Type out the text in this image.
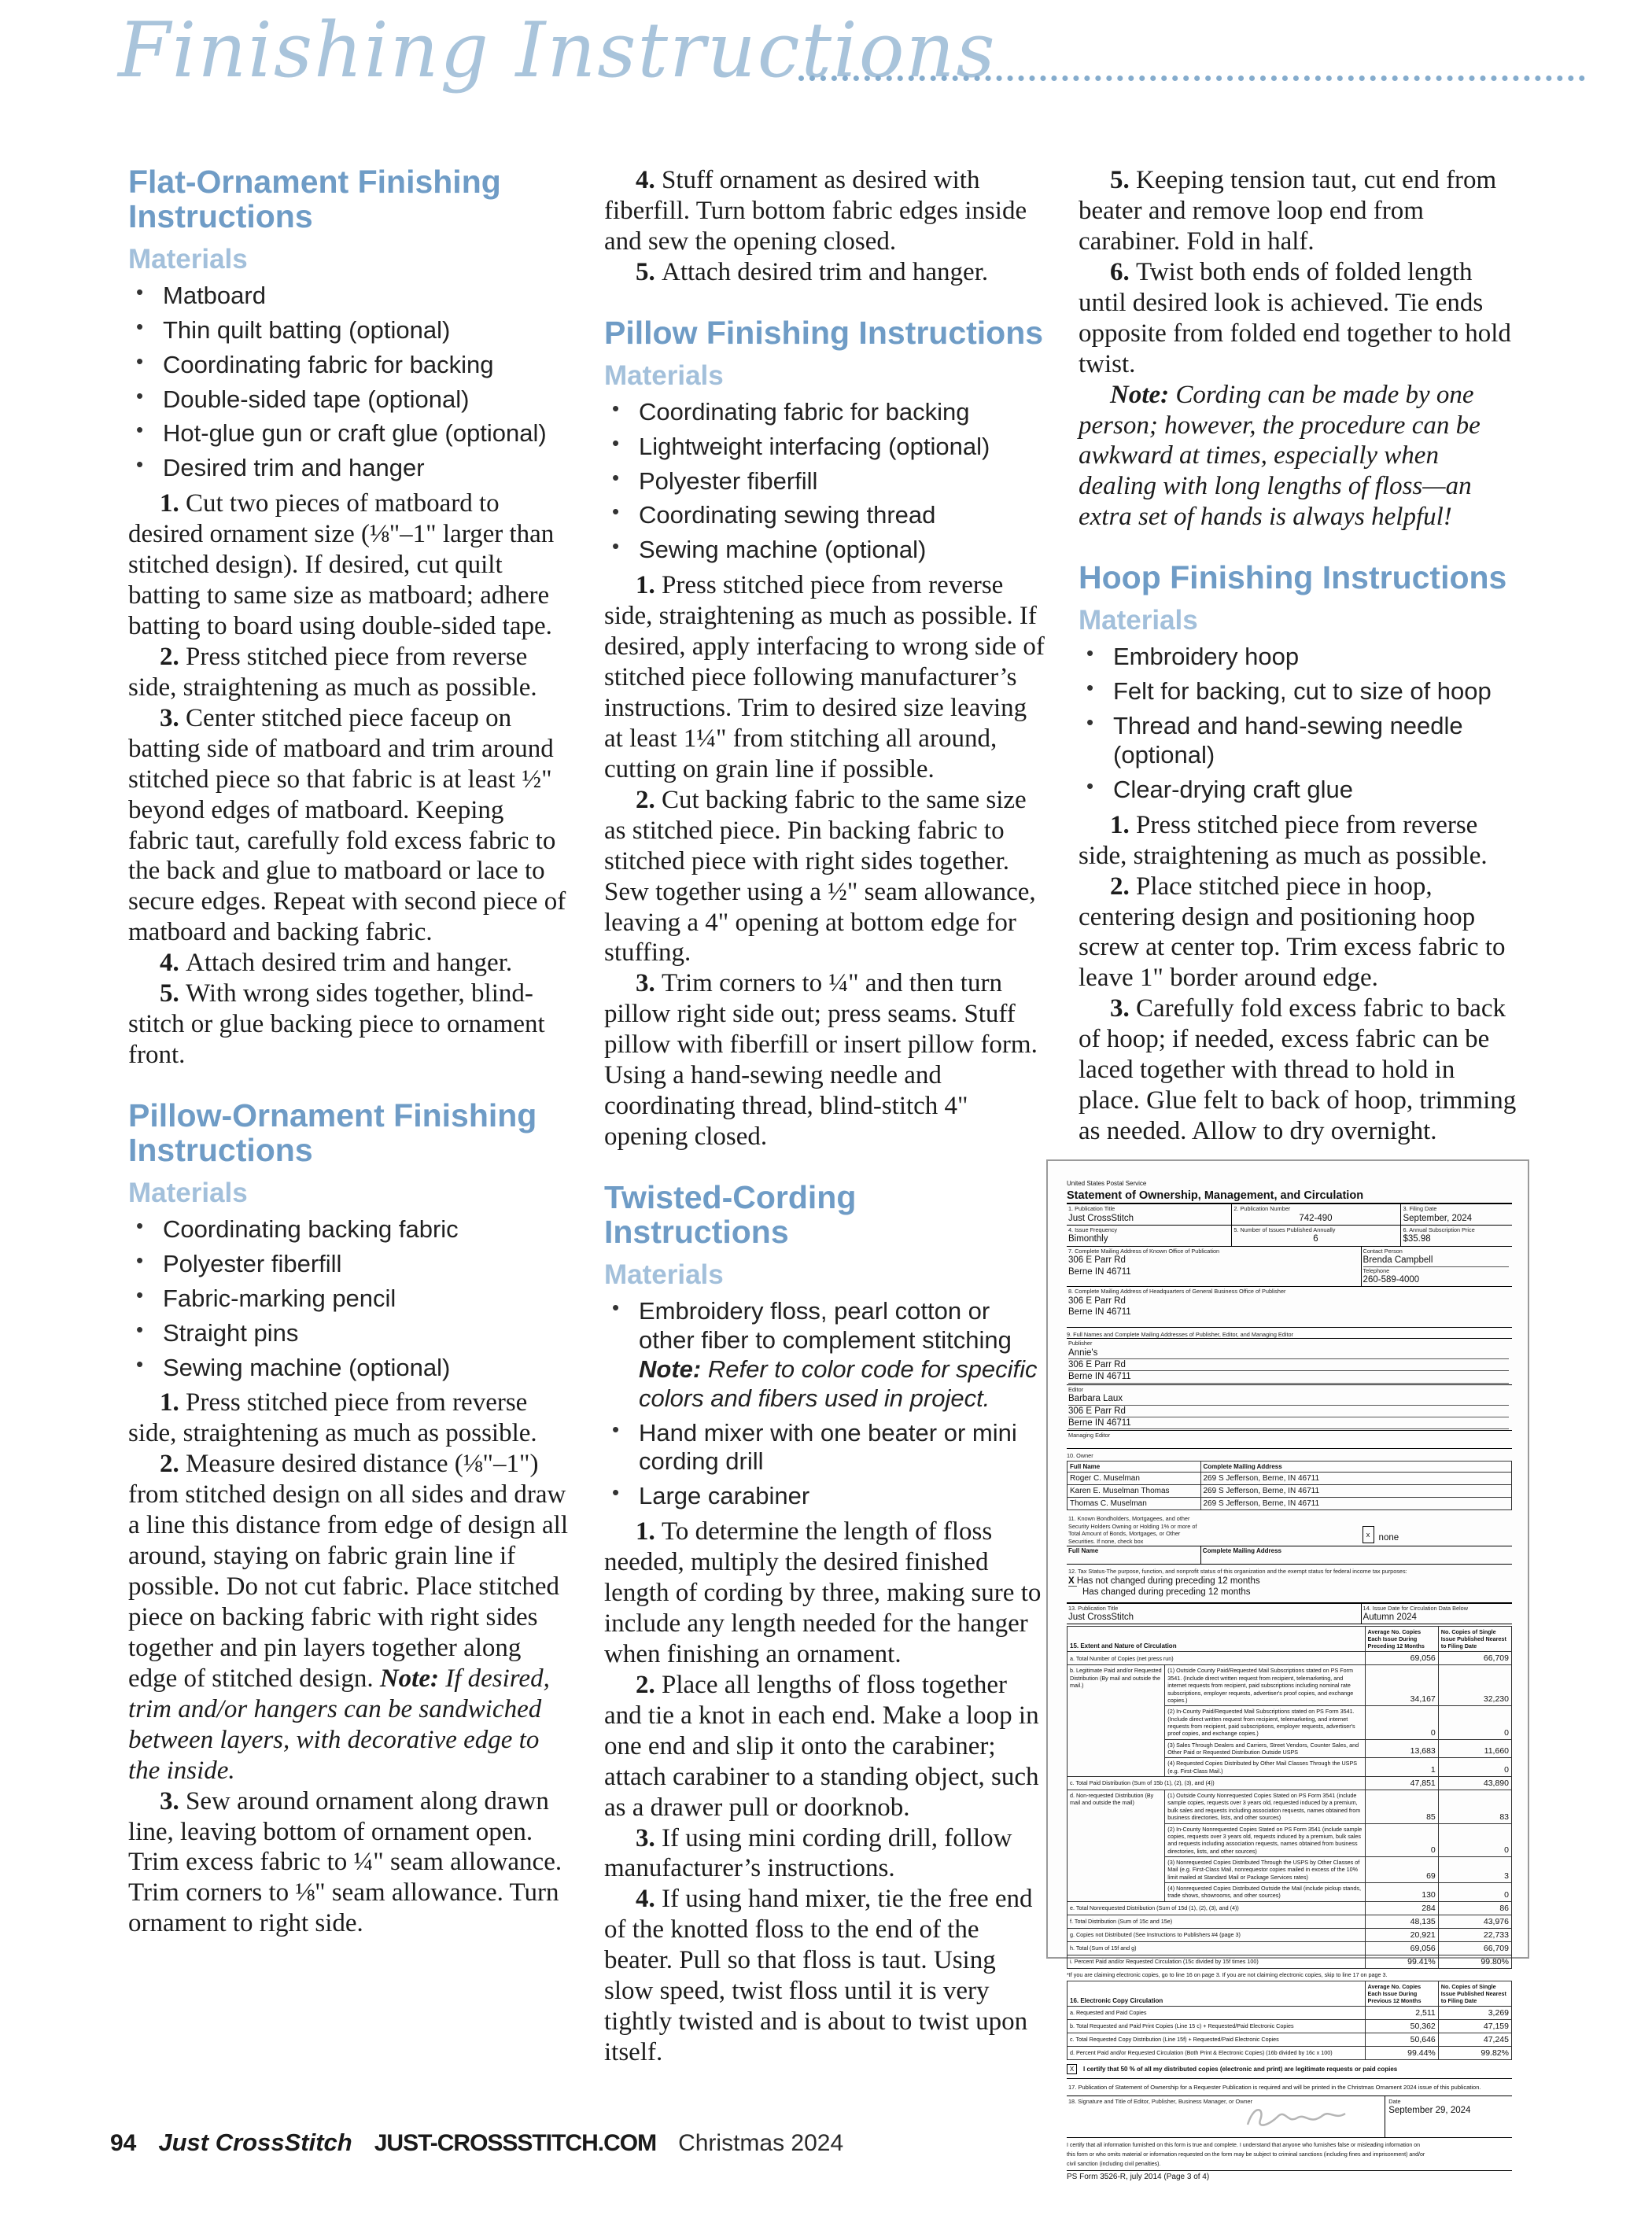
Finishing Instructions
Flat-Ornament Finishing Instructions
Materials
• Matboard
• Thin quilt batting (optional)
• Coordinating fabric for backing
• Double-sided tape (optional)
• Hot-glue gun or craft glue (optional)
• Desired trim and hanger

1. Cut two pieces of matboard to desired ornament size (⅛"–1" larger than stitched design). If desired, cut quilt batting to same size as matboard; adhere batting to board using double-sided tape.

2. Press stitched piece from reverse side, straightening as much as possible.

3. Center stitched piece faceup on batting side of matboard and trim around stitched piece so that fabric is at least ½" beyond edges of matboard. Keeping fabric taut, carefully fold excess fabric to the back and glue to matboard or lace to secure edges. Repeat with second piece of matboard and backing fabric.

4. Attach desired trim and hanger.

5. With wrong sides together, blind-stitch or glue backing piece to ornament front.

Pillow-Ornament Finishing Instructions
Materials
• Coordinating backing fabric
• Polyester fiberfill
• Fabric-marking pencil
• Straight pins
• Sewing machine (optional)

1. Press stitched piece from reverse side, straightening as much as possible.

2. Measure desired distance (⅛"–1") from stitched design on all sides and draw a line this distance from edge of design all around, staying on fabric grain line if possible. Do not cut fabric. Place stitched piece on backing fabric with right sides together and pin layers together along edge of stitched design. Note: If desired, trim and/or hangers can be sandwiched between layers, with decorative edge to the inside.

3. Sew around ornament along drawn line, leaving bottom of ornament open. Trim excess fabric to ¼" seam allowance. Trim corners to ⅛" seam allowance. Turn ornament to right side.

4. Stuff ornament as desired with fiberfill. Turn bottom fabric edges inside and sew the opening closed.

5. Attach desired trim and hanger.

Pillow Finishing Instructions
Materials
• Coordinating fabric for backing
• Lightweight interfacing (optional)
• Polyester fiberfill
• Coordinating sewing thread
• Sewing machine (optional)

1. Press stitched piece from reverse side, straightening as much as possible. If desired, apply interfacing to wrong side of stitched piece following manufacturer’s instructions. Trim to desired size leaving at least 1¼" from stitching all around, cutting on grain line if possible.

2. Cut backing fabric to the same size as stitched piece. Pin backing fabric to stitched piece with right sides together. Sew together using a ½" seam allowance, leaving a 4" opening at bottom edge for stuffing.

3. Trim corners to ¼" and then turn pillow right side out; press seams. Stuff pillow with fiberfill or insert pillow form. Using a hand-sewing needle and coordinating thread, blind-stitch 4" opening closed.

Twisted-Cording Instructions
Materials
• Embroidery floss, pearl cotton or other fiber to complement stitching
Note: Refer to color code for specific colors and fibers used in project.
• Hand mixer with one beater or mini cording drill
• Large carabiner

1. To determine the length of floss needed, multiply the desired finished length of cording by three, making sure to include any length needed for the hanger when finishing an ornament.

2. Place all lengths of floss together and tie a knot in each end. Make a loop in one end and slip it onto the carabiner; attach carabiner to a standing object, such as a drawer pull or doorknob.

3. If using mini cording drill, follow manufacturer’s instructions.

4. If using hand mixer, tie the free end of the knotted floss to the end of the beater. Pull so that floss is taut. Using slow speed, twist floss until it is very tightly twisted and is about to twist upon itself.

5. Keeping tension taut, cut end from beater and remove loop end from carabiner. Fold in half.

6. Twist both ends of folded length until desired look is achieved. Tie ends opposite from folded end together to hold twist.

Note: Cording can be made by one person; however, the procedure can be awkward at times, especially when dealing with long lengths of floss—an extra set of hands is always helpful!

Hoop Finishing Instructions
Materials
• Embroidery hoop
• Felt for backing, cut to size of hoop
• Thread and hand-sewing needle (optional)
• Clear-drying craft glue

1. Press stitched piece from reverse side, straightening as much as possible.

2. Place stitched piece in hoop, centering design and positioning hoop screw at center top. Trim excess fabric to leave 1" border around edge.

3. Carefully fold excess fabric to back of hoop; if needed, excess fabric can be laced together with thread to hold in place. Glue felt to back of hoop, trimming as needed. Allow to dry overnight.

United States Postal Service
Statement of Ownership, Management, and Circulation
1. Publication Title
Just CrossStitch
2. Publication Number
742-490
3. Filing Date
September, 2024
4. Issue Frequency
Bimonthly
5. Number of Issues Published Annually
6
6. Annual Subscription Price
$35.98
7. Complete Mailing Address of Known Office of Publication
306 E Parr Rd
Berne IN 46711
Contact Person
Brenda Campbell
Telephone
260-589-4000
8. Complete Mailing Address of Headquarters of General Business Office of Publisher
306 E Parr Rd
Berne IN 46711
9. Full Names and Complete Mailing Addresses of Publisher, Editor, and Managing Editor
Publisher
Annie's
306 E Parr Rd
Berne IN 46711
Editor
Barbara Laux
306 E Parr Rd
Berne IN 46711
Managing Editor
10. Owner
Full Name	Complete Mailing Address
Roger C. Muselman	269 S Jefferson, Berne, IN 46711
Karen E. Muselman Thomas	269 S Jefferson, Berne, IN 46711
Thomas C. Muselman	269 S Jefferson, Berne, IN 46711
11. Known Bondholders, Mortgagees, and other
Security Holders Owning or Holding 1% or more of
Total Amount of Bonds, Mortgages, or Other
Securities. If none, check box
x none
Full Name	Complete Mailing Address
12. Tax Status-The purpose, function, and nonprofit status of this organization and the exempt status for federal income tax purposes:
X Has not changed during preceding 12 months
Has changed during preceding 12 months
13. Publication Title
Just CrossStitch
14. Issue Date for Circulation Data Below
Autumn 2024
15. Extent and Nature of Circulation		Average No. Copies Each Issue During Preceding 12 Months	No. Copies of Single Issue Published Nearest to Filing Date
a. Total Number of Copies (net press run)		69,056	66,709
b. Legitimate Paid and/or Requested Distribution (By mail and outside the mail.)	(1) Outside County Paid/Requested Mail Subscriptions stated on PS Form 3541. (Include direct written request from recipient, telemarketing, and internet requests from recipient, paid subscriptions including nominal rate subscriptions, employer requests, advertiser's proof copies, and exchange copies.)	34,167	32,230
	(2) In-County Paid/Requested Mail Subscriptions stated on PS Form 3541. (Include direct written request from recipient, telemarketing, and internet requests from recipient, paid subscriptions, employer requests, advertiser's proof copies, and exchange copies.)	0	0
	(3) Sales Through Dealers and Carriers, Street Vendors, Counter Sales, and Other Paid or Requested Distribution Outside USPS	13,683	11,660
	(4) Requested Copies Distributed by Other Mail Classes Through the USPS (e.g. First-Class Mail.)	1	0
c. Total Paid Distribution (Sum of 15b (1), (2), (3), and (4))		47,851	43,890
d. Non-requested Distribution (By mail and outside the mail)	(1) Outside County Nonrequested Copies Stated on PS Form 3541 (include sample copies, requests over 3 years old, requested induced by a premium, bulk sales and requests including association requests, names obtained from business directories, lists, and other sources)	85	83
	(2) In-County Nonrequested Copies Stated on PS Form 3541 (include sample copies, requests over 3 years old, requests induced by a premium, bulk sales and requests including association requests, names obtained from business directories, lists, and other sources)	0	0
	(3) Nonrequested Copies Distributed Through the USPS by Other Classes of Mail (e.g. First-Class Mail, nonrequestor copies mailed in excess of the 10% limit mailed at Standard Mail or Package Services rates)	69	3
	(4) Nonrequested Copies Distributed Outside the Mail (include pickup stands, trade shows, showrooms, and other sources)	130	0
e. Total Nonrequested Distribution (Sum of 15d (1), (2), (3), and (4))		284	86
f. Total Distribution (Sum of 15c and 15e)		48,135	43,976
g. Copies not Distributed (See Instructions to Publishers #4 (page 3)		20,921	22,733
h. Total (Sum of 15f and g)		69,056	66,709
i. Percent Paid and/or Requested Circulation (15c divided by 15f times 100)		99.41%	99.80%
*If you are claiming electronic copies, go to line 16 on page 3. If you are not claiming electronic copies, skip to line 17 on page 3.
16. Electronic Copy Circulation	Average No. Copies Each Issue During Previous 12 Months	No. Copies of Single Issue Published Nearest to Filing Date
a. Requested and Paid Copies	2,511	3,269
b. Total Requested and Paid Print Copies (Line 15 c) + Requested/Paid Electronic Copies	50,362	47,159
c. Total Requested Copy Distribution (Line 15f) + Requested/Paid Electronic Copies	50,646	47,245
d. Percent Paid and/or Requested Circulation (Both Print & Electronic Copies) (16b divided by 16c x 100)	99.44%	99.82%
X	I certify that 50 % of all my distributed copies (electronic and print) are legitimate requests or paid copies
17. Publication of Statement of Ownership for a Requester Publication is required and will be printed in the Christmas Ornament 2024 issue of this publication.
18. Signature and Title of Editor, Publisher, Business Manager, or Owner	Date
September 29, 2024
I certify that all information furnished on this form is true and complete. I understand that anyone who furnishes false or misleading information on
this form or who omits material or information requested on the form may be subject to criminal sanctions (including fines and imprisonment) and/or
civil sanction (including civil penalties).
PS Form 3526-R, july 2014 (Page 3 of 4)
94 Just CrossStitch JUST-CROSSSTITCH.COM Christmas 2024
